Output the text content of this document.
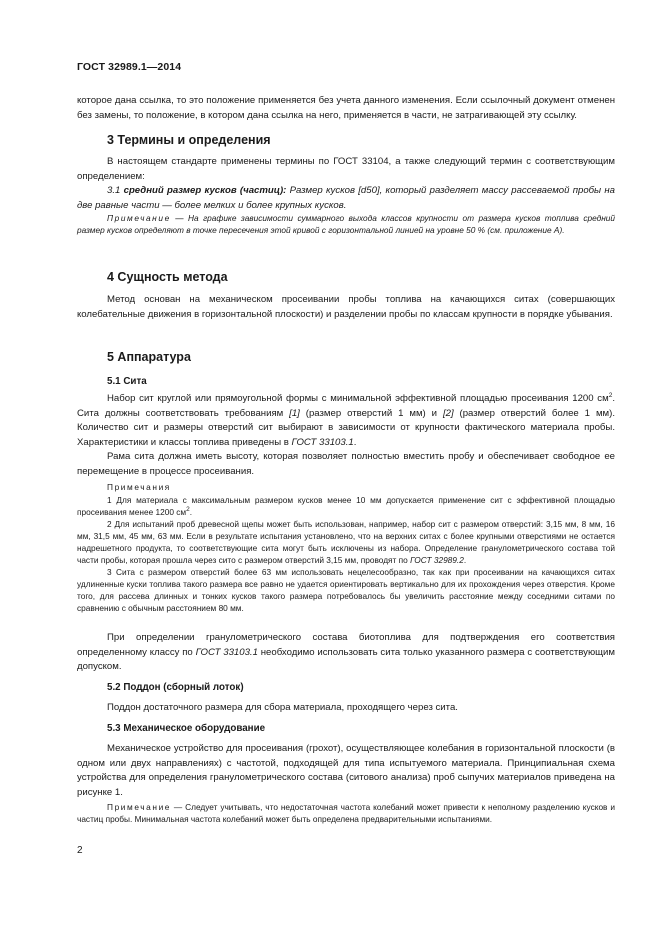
ГОСТ 32989.1—2014

которое дана ссылка, то это положение применяется без учета данного изменения. Если ссылочный документ отменен без замены, то положение, в котором дана ссылка на него, применяется в части, не затрагивающей эту ссылку.

3 Термины и определения

В настоящем стандарте применены термины по ГОСТ 33104, а также следующий термин с соответствующим определением:

3.1 средний размер кусков (частиц): Размер кусков [d50], который разделяет массу рассеваемой пробы на две равные части — более мелких и более крупных кусков.

Примечание — На графике зависимости суммарного выхода классов крупности от размера кусков топлива средний размер кусков определяют в точке пересечения этой кривой с горизонтальной линией на уровне 50 % (см. приложение А).

4 Сущность метода

Метод основан на механическом просеивании пробы топлива на качающихся ситах (совершающих колебательные движения в горизонтальной плоскости) и разделении пробы по классам крупности в порядке убывания.

5 Аппаратура
5.1 Сита

Набор сит круглой или прямоугольной формы с минимальной эффективной площадью просеивания 1200 $см^2$. Сита должны соответствовать требованиям [1] (размер отверстий 1 мм) и [2] (размер отверстий более 1 мм). Количество сит и размеры отверстий сит выбирают в зависимости от крупности фактического материала пробы. Характеристики и классы топлива приведены в ГОСТ 33103.1.

Рама сита должна иметь высоту, которая позволяет полностью вместить пробу и обеспечивает свободное ее перемещение в процессе просеивания.

Примечания

1 Для материала с максимальным размером кусков менее 10 мм допускается применение сит с эффективной площадью просеивания менее 1200 $см^2$.

2 Для испытаний проб древесной щепы может быть использован, например, набор сит с размером отверстий: 3,15 мм, 8 мм, 16 мм, 31,5 мм, 45 мм, 63 мм. Если в результате испытания установлено, что на верхних ситах с более крупными отверстиями не остается надрешетного продукта, то соответствующие сита могут быть исключены из набора. Определение гранулометрического состава той части пробы, которая прошла через сито с размером отверстий 3,15 мм, проводят по ГОСТ 32989.2.

3 Сита с размером отверстий более 63 мм использовать нецелесообразно, так как при просеивании на качающихся ситах удлиненные куски топлива такого размера все равно не удается ориентировать вертикально для их прохождения через отверстия. Кроме того, для рассева длинных и тонких кусков такого размера потребовалось бы увеличить расстояние между соседними ситами по сравнению с обычным расстоянием 80 мм.

При определении гранулометрического состава биотоплива для подтверждения его соответствия определенному классу по ГОСТ 33103.1 необходимо использовать сита только указанного размера с соответствующим допуском.

5.2 Поддон (сборный лоток)

Поддон достаточного размера для сбора материала, проходящего через сита.

5.3 Механическое оборудование

Механическое устройство для просеивания (грохот), осуществляющее колебания в горизонтальной плоскости (в одном или двух направлениях) с частотой, подходящей для типа испытуемого материала. Принципиальная схема устройства для определения гранулометрического состава (ситового анализа) проб сыпучих материалов приведена на рисунке 1.

Примечание — Следует учитывать, что недостаточная частота колебаний может привести к неполному разделению кусков и частиц пробы. Минимальная частота колебаний может быть определена предварительными испытаниями.

2
